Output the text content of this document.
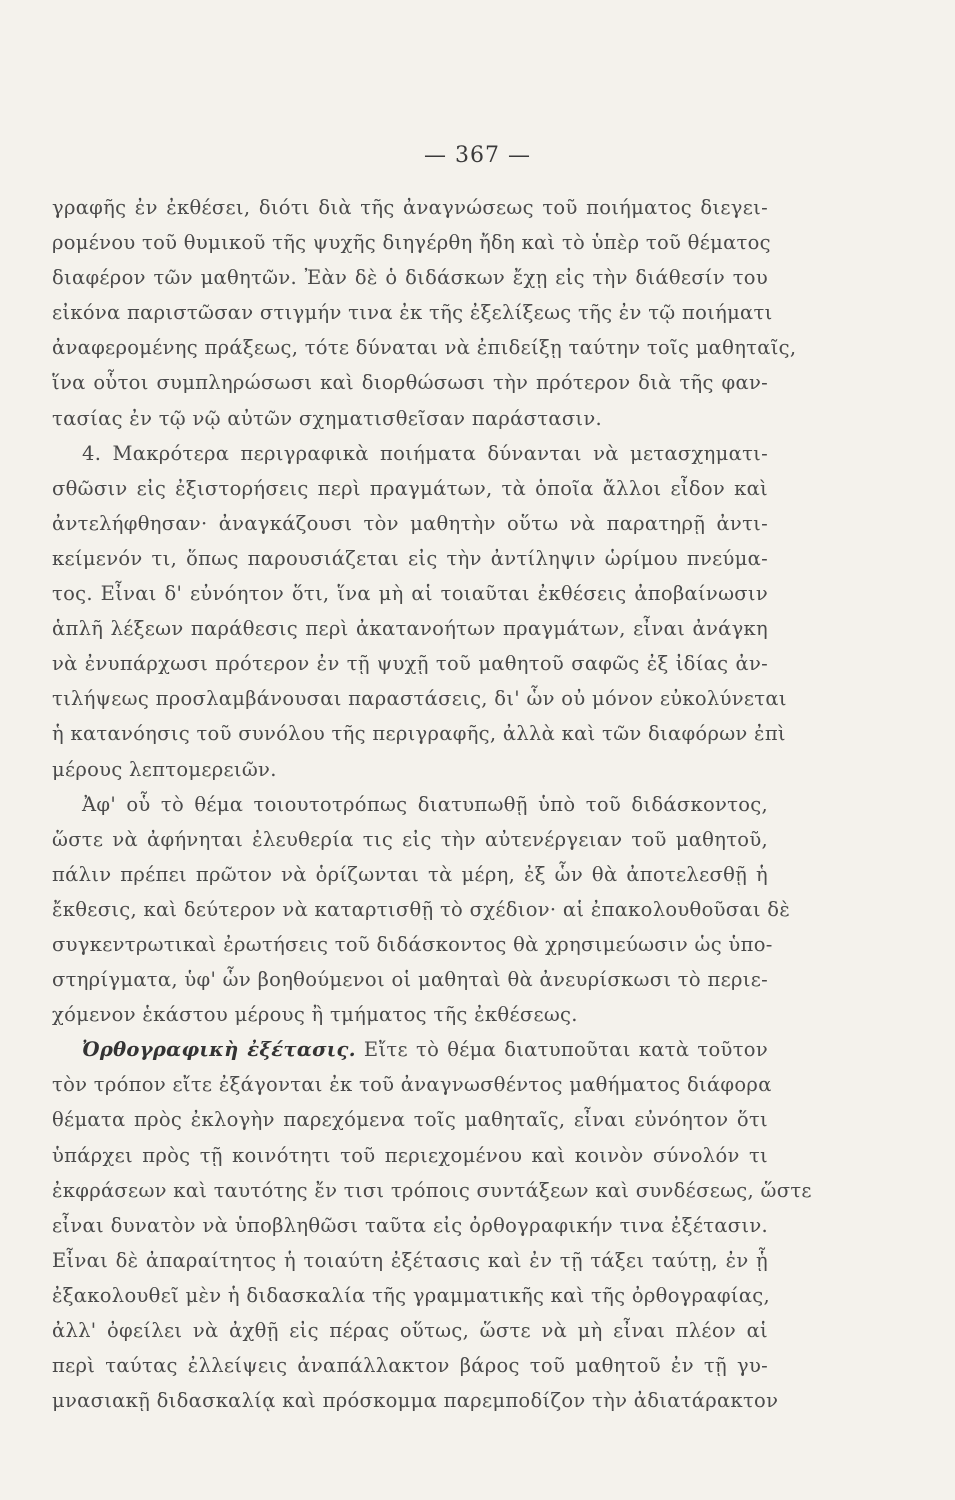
— 367 —
γραφῆς ἐν ἐκθέσει, διότι διὰ τῆς ἀναγνώσεως τοῦ ποιήματος διεγει-
ρομένου τοῦ θυμικοῦ τῆς ψυχῆς διηγέρθη ἤδη καὶ τὸ ὑπὲρ τοῦ θέματος
διαφέρον τῶν μαθητῶν. Ἐὰν δὲ ὁ διδάσκων ἔχῃ εἰς τὴν διάθεσίν του
εἰκόνα παριστῶσαν στιγμήν τινα ἐκ τῆς ἐξελίξεως τῆς ἐν τῷ ποιήματι
ἀναφερομένης πράξεως, τότε δύναται νὰ ἐπιδείξῃ ταύτην τοῖς μαθηταῖς,
ἵνα οὗτοι συμπληρώσωσι καὶ διορθώσωσι τὴν πρότερον διὰ τῆς φαν-
τασίας ἐν τῷ νῷ αὐτῶν σχηματισθεῖσαν παράστασιν.
4. Μακρότερα περιγραφικὰ ποιήματα δύνανται νὰ μετασχηματι-
σθῶσιν εἰς ἐξιστορήσεις περὶ πραγμάτων, τὰ ὁποῖα ἄλλοι εἶδον καὶ
ἀντελήφθησαν· ἀναγκάζουσι τὸν μαθητὴν οὕτω νὰ παρατηρῇ ἀντι-
κείμενόν τι, ὅπως παρουσιάζεται εἰς τὴν ἀντίληψιν ὡρίμου πνεύμα-
τος. Εἶναι δ' εὐνόητον ὅτι, ἵνα μὴ αἱ τοιαῦται ἐκθέσεις ἀποβαίνωσιν
ἁπλῆ λέξεων παράθεσις περὶ ἀκατανοήτων πραγμάτων, εἶναι ἀνάγκη
νὰ ἐνυπάρχωσι πρότερον ἐν τῇ ψυχῇ τοῦ μαθητοῦ σαφῶς ἐξ ἰδίας ἀν-
τιλήψεως προσλαμβάνουσαι παραστάσεις, δι' ὧν οὐ μόνον εὐκολύνεται
ἡ κατανόησις τοῦ συνόλου τῆς περιγραφῆς, ἀλλὰ καὶ τῶν διαφόρων ἐπὶ
μέρους λεπτομερειῶν.
Ἀφ' οὗ τὸ θέμα τοιουτοτρόπως διατυπωθῇ ὑπὸ τοῦ διδάσκοντος,
ὥστε νὰ ἀφήνηται ἐλευθερία τις εἰς τὴν αὐτενέργειαν τοῦ μαθητοῦ,
πάλιν πρέπει πρῶτον νὰ ὁρίζωνται τὰ μέρη, ἐξ ὧν θὰ ἀποτελεσθῇ ἡ
ἔκθεσις, καὶ δεύτερον νὰ καταρτισθῇ τὸ σχέδιον· αἱ ἐπακολουθοῦσαι δὲ
συγκεντρωτικαὶ ἐρωτήσεις τοῦ διδάσκοντος θὰ χρησιμεύωσιν ὡς ὑπο-
στηρίγματα, ὑφ' ὧν βοηθούμενοι οἱ μαθηταὶ θὰ ἀνευρίσκωσι τὸ περιε-
χόμενον ἑκάστου μέρους ἢ τμήματος τῆς ἐκθέσεως.
Ὀρθογραφικὴ ἐξέτασις. Εἴτε τὸ θέμα διατυποῦται κατὰ τοῦτον
τὸν τρόπον εἴτε ἐξάγονται ἐκ τοῦ ἀναγνωσθέντος μαθήματος διάφορα
θέματα πρὸς ἐκλογὴν παρεχόμενα τοῖς μαθηταῖς, εἶναι εὐνόητον ὅτι
ὑπάρχει πρὸς τῇ κοινότητι τοῦ περιεχομένου καὶ κοινὸν σύνολόν τι
ἐκφράσεων καὶ ταυτότης ἔν τισι τρόποις συντάξεων καὶ συνδέσεως, ὥστε
εἶναι δυνατὸν νὰ ὑποβληθῶσι ταῦτα εἰς ὀρθογραφικήν τινα ἐξέτασιν.
Εἶναι δὲ ἀπαραίτητος ἡ τοιαύτη ἐξέτασις καὶ ἐν τῇ τάξει ταύτῃ, ἐν ᾗ
ἐξακολουθεῖ μὲν ἡ διδασκαλία τῆς γραμματικῆς καὶ τῆς ὀρθογραφίας,
ἀλλ' ὀφείλει νὰ ἀχθῇ εἰς πέρας οὕτως, ὥστε νὰ μὴ εἶναι πλέον αἱ
περὶ ταύτας ἐλλείψεις ἀναπάλλακτον βάρος τοῦ μαθητοῦ ἐν τῇ γυ-
μνασιακῇ διδασκαλίᾳ καὶ πρόσκομμα παρεμποδίζον τὴν ἀδιατάρακτον
